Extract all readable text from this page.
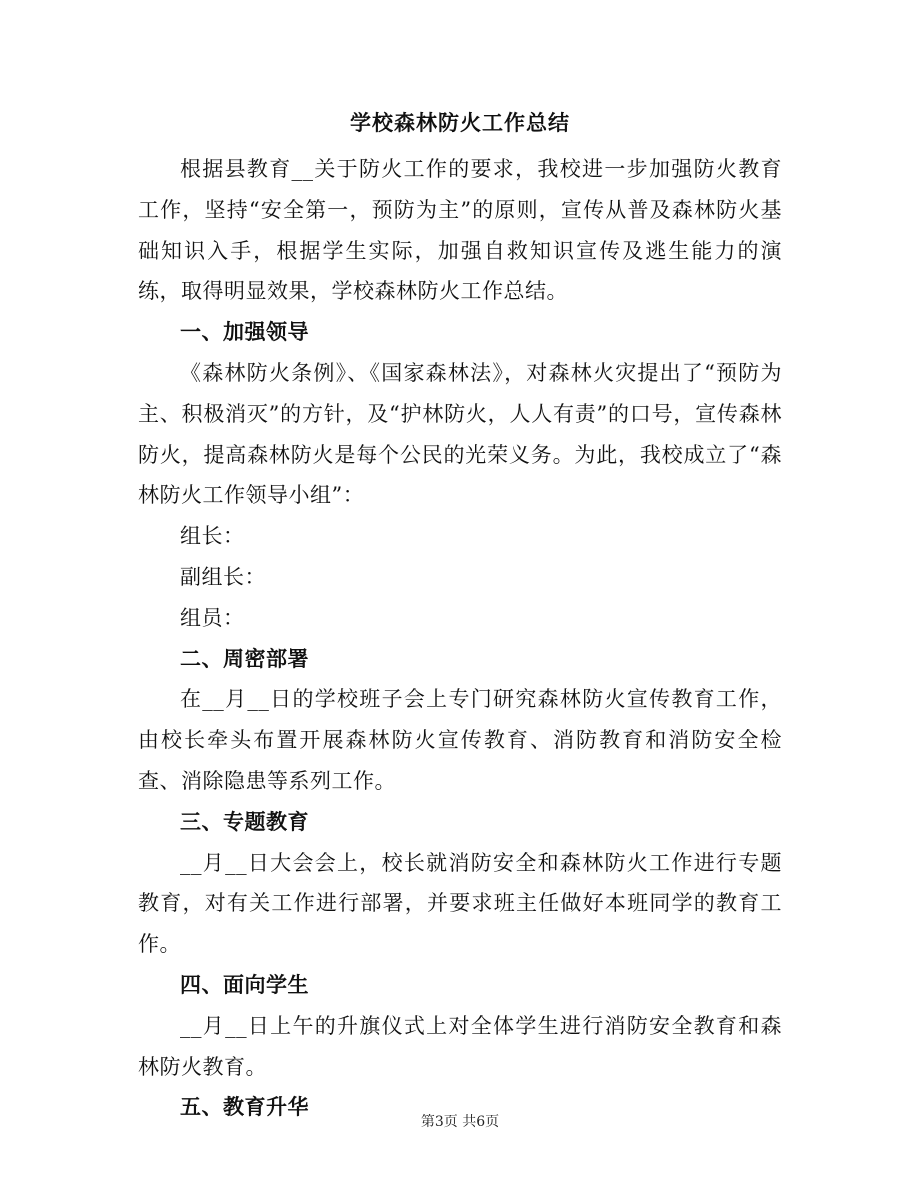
学校森林防火工作总结

根据县教育__关于防火工作的要求，我校进一步加强防火教育工作，坚持“安全第一，预防为主”的原则，宣传从普及森林防火基础知识入手，根据学生实际，加强自救知识宣传及逃生能力的演练，取得明显效果，学校森林防火工作总结。

一、加强领导

《森林防火条例》、《国家森林法》，对森林火灾提出了“预防为主、积极消灭”的方针，及“护林防火，人人有责”的口号，宣传森林防火，提高森林防火是每个公民的光荣义务。为此，我校成立了“森林防火工作领导小组”：

组长：

副组长：

组员：

二、周密部署

在__月__日的学校班子会上专门研究森林防火宣传教育工作，由校长牵头布置开展森林防火宣传教育、消防教育和消防安全检查、消除隐患等系列工作。

三、专题教育

__月__日大会会上，校长就消防安全和森林防火工作进行专题教育，对有关工作进行部署，并要求班主任做好本班同学的教育工作。

四、面向学生

__月__日上午的升旗仪式上对全体学生进行消防安全教育和森林防火教育。

五、教育升华

第3页 共6页
